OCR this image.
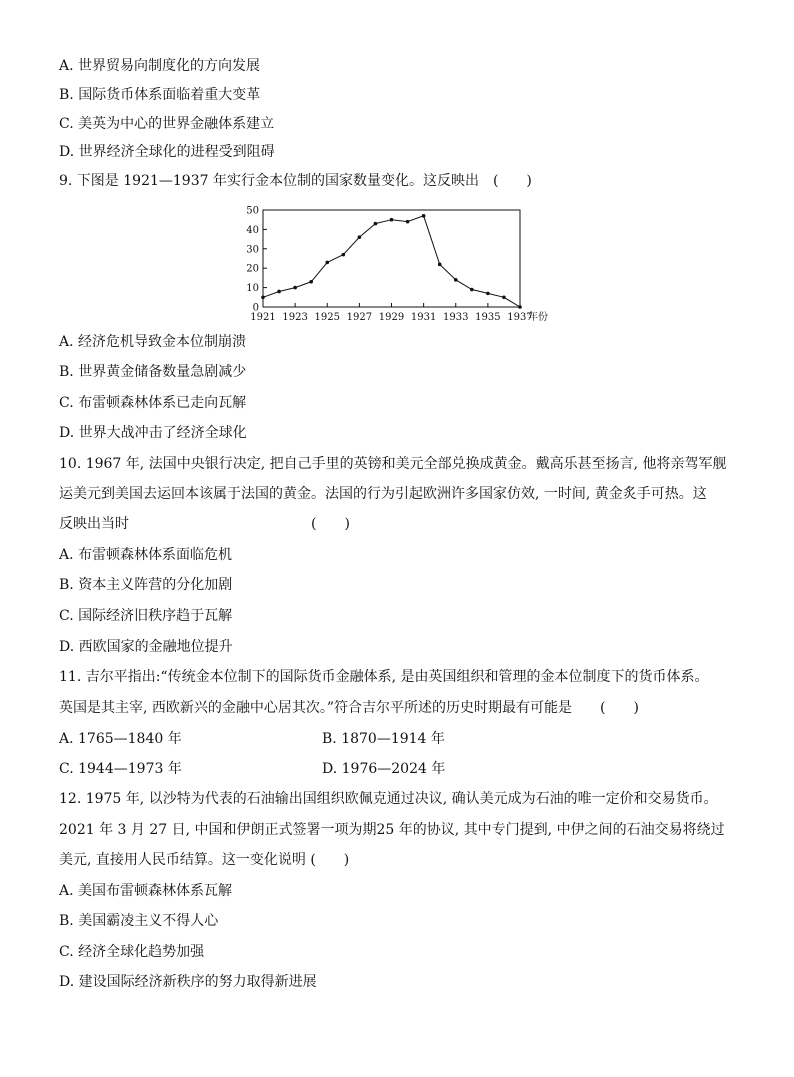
A. 世界贸易向制度化的方向发展
B. 国际货币体系面临着重大变革
C. 美英为中心的世界金融体系建立
D. 世界经济全球化的进程受到阻碍
9. 下图是 1921—1937 年实行金本位制的国家数量变化。这反映出　(　　)
0
10
20
30
40
50
1921 1923 1925 1927 1929 1931 1933 1935 1937
年份
A. 经济危机导致金本位制崩溃
B. 世界黄金储备数量急剧减少
C. 布雷顿森林体系已走向瓦解
D. 世界大战冲击了经济全球化
10. 1967 年, 法国中央银行决定, 把自己手里的英镑和美元全部兑换成黄金。戴高乐甚至扬言, 他将亲驾军舰
运美元到美国去运回本该属于法国的黄金。法国的行为引起欧洲许多国家仿效, 一时间, 黄金炙手可热。这
反映出当时　　　　　　　　　　　　　(　　)
A. 布雷顿森林体系面临危机
B. 资本主义阵营的分化加剧
C. 国际经济旧秩序趋于瓦解
D. 西欧国家的金融地位提升
11. 吉尔平指出:“传统金本位制下的国际货币金融体系, 是由英国组织和管理的金本位制度下的货币体系。
英国是其主宰, 西欧新兴的金融中心居其次。”符合吉尔平所述的历史时期最有可能是　　(　　)
A. 1765—1840 年	B. 1870—1914 年
C. 1944—1973 年	D. 1976—2024 年
12. 1975 年, 以沙特为代表的石油输出国组织欧佩克通过决议, 确认美元成为石油的唯一定价和交易货币。
2021 年 3 月 27 日, 中国和伊朗正式签署一项为期25 年的协议, 其中专门提到, 中伊之间的石油交易将绕过
美元, 直接用人民币结算。这一变化说明 (　　)
A. 美国布雷顿森林体系瓦解
B. 美国霸凌主义不得人心
C. 经济全球化趋势加强
D. 建设国际经济新秩序的努力取得新进展
